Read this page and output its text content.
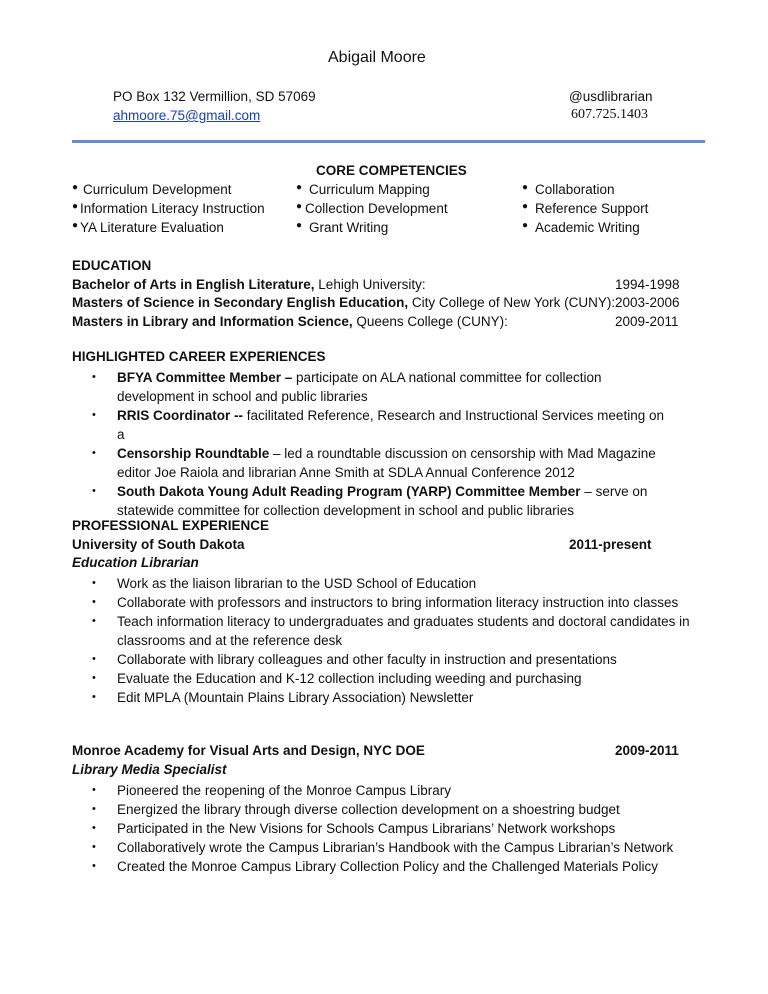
Abigail Moore
PO Box 132 Vermillion, SD 57069
ahmoore.75@gmail.com
@usdlibrarian
607.725.1403
CORE COMPETENCIES
● Curriculum Development
● Information Literacy Instruction
● YA Literature Evaluation
● Curriculum Mapping
● Collection Development
● Grant Writing
● Collaboration
● Reference Support
● Academic Writing
EDUCATION
Bachelor of Arts in English Literature, Lehigh University:	1994-1998
Masters of Science in Secondary English Education, City College of New York (CUNY): 2003-2006
Masters in Library and Information Science, Queens College (CUNY):	2009-2011
HIGHLIGHTED CAREER EXPERIENCES
• BFYA Committee Member – participate on ALA national committee for collection development in school and public libraries
• RRIS Coordinator -- facilitated Reference, Research and Instructional Services meeting on a
• Censorship Roundtable – led a roundtable discussion on censorship with Mad Magazine editor Joe Raiola and librarian Anne Smith at SDLA Annual Conference 2012
• South Dakota Young Adult Reading Program (YARP) Committee Member – serve on statewide committee for collection development in school and public libraries
PROFESSIONAL EXPERIENCE
University of South Dakota	2011-present
Education Librarian
• Work as the liaison librarian to the USD School of Education
• Collaborate with professors and instructors to bring information literacy instruction into classes
• Teach information literacy to undergraduates and graduates students and doctoral candidates in classrooms and at the reference desk
• Collaborate with library colleagues and other faculty in instruction and presentations
• Evaluate the Education and K-12 collection including weeding and purchasing
• Edit MPLA (Mountain Plains Library Association) Newsletter
Monroe Academy for Visual Arts and Design, NYC DOE	2009-2011
Library Media Specialist
• Pioneered the reopening of the Monroe Campus Library
• Energized the library through diverse collection development on a shoestring budget
• Participated in the New Visions for Schools Campus Librarians’ Network workshops
• Collaboratively wrote the Campus Librarian’s Handbook with the Campus Librarian’s Network
• Created the Monroe Campus Library Collection Policy and the Challenged Materials Policy
